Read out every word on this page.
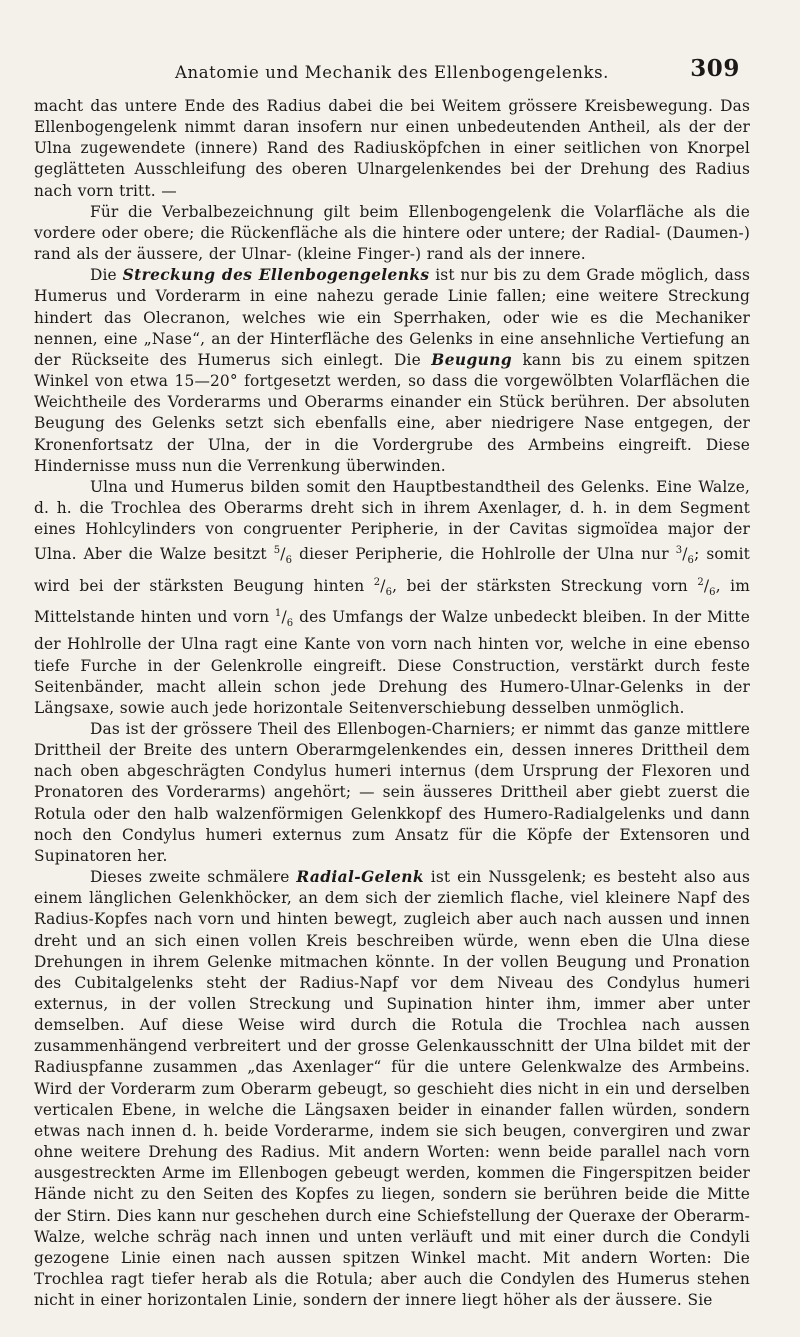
Anatomie und Mechanik des Ellenbogengelenks.	309

macht das untere Ende des Radius dabei die bei Weitem grössere Kreisbewegung. Das Ellenbogengelenk nimmt daran insofern nur einen unbedeutenden Antheil, als der der Ulna zugewendete (innere) Rand des Radiusköpfchen in einer seitlichen von Knorpel geglätteten Ausschleifung des oberen Ulnargelenkendes bei der Drehung des Radius nach vorn tritt. —

Für die Verbalbezeichnung gilt beim Ellenbogengelenk die Volarfläche als die vordere oder obere; die Rückenfläche als die hintere oder untere; der Radial- (Daumen-) rand als der äussere, der Ulnar- (kleine Finger-) rand als der innere.

Die Streckung des Ellenbogengelenks ist nur bis zu dem Grade möglich, dass Humerus und Vorderarm in eine nahezu gerade Linie fallen; eine weitere Streckung hindert das Olecranon, welches wie ein Sperrhaken, oder wie es die Mechaniker nennen, eine „Nase“, an der Hinterfläche des Gelenks in eine ansehnliche Vertiefung an der Rückseite des Humerus sich einlegt. Die Beugung kann bis zu einem spitzen Winkel von etwa 15—20° fortgesetzt werden, so dass die vorgewölbten Volarflächen die Weichtheile des Vorderarms und Oberarms einander ein Stück berühren. Der absoluten Beugung des Gelenks setzt sich ebenfalls eine, aber niedrigere Nase entgegen, der Kronenfortsatz der Ulna, der in die Vordergrube des Armbeins eingreift. Diese Hindernisse muss nun die Verrenkung überwinden.

Ulna und Humerus bilden somit den Hauptbestandtheil des Gelenks. Eine Walze, d. h. die Trochlea des Oberarms dreht sich in ihrem Axenlager, d. h. in dem Segment eines Hohlcylinders von congruenter Peripherie, in der Cavitas sigmoïdea major der Ulna. Aber die Walze besitzt $^5/_6$ dieser Peripherie, die Hohlrolle der Ulna nur $^3/_6$; somit wird bei der stärksten Beugung hinten $^2/_6$, bei der stärksten Streckung vorn $^2/_6$, im Mittelstande hinten und vorn $^1/_6$ des Umfangs der Walze unbedeckt bleiben. In der Mitte der Hohlrolle der Ulna ragt eine Kante von vorn nach hinten vor, welche in eine ebenso tiefe Furche in der Gelenkrolle eingreift. Diese Construction, verstärkt durch feste Seitenbänder, macht allein schon jede Drehung des Humero-Ulnar-Gelenks in der Längsaxe, sowie auch jede horizontale Seitenverschiebung desselben unmöglich.

Das ist der grössere Theil des Ellenbogen-Charniers; er nimmt das ganze mittlere Drittheil der Breite des untern Oberarmgelenkendes ein, dessen inneres Drittheil dem nach oben abgeschrägten Condylus humeri internus (dem Ursprung der Flexoren und Pronatoren des Vorderarms) angehört; — sein äusseres Drittheil aber giebt zuerst die Rotula oder den halb walzenförmigen Gelenkkopf des Humero-Radialgelenks und dann noch den Condylus humeri externus zum Ansatz für die Köpfe der Extensoren und Supinatoren her.

Dieses zweite schmälere Radial-Gelenk ist ein Nussgelenk; es besteht also aus einem länglichen Gelenkhöcker, an dem sich der ziemlich flache, viel kleinere Napf des Radius-Kopfes nach vorn und hinten bewegt, zugleich aber auch nach aussen und innen dreht und an sich einen vollen Kreis beschreiben würde, wenn eben die Ulna diese Drehungen in ihrem Gelenke mitmachen könnte. In der vollen Beugung und Pronation des Cubitalgelenks steht der Radius-Napf vor dem Niveau des Condylus humeri externus, in der vollen Streckung und Supination hinter ihm, immer aber unter demselben. Auf diese Weise wird durch die Rotula die Trochlea nach aussen zusammenhängend verbreitert und der grosse Gelenkausschnitt der Ulna bildet mit der Radiuspfanne zusammen „das Axenlager“ für die untere Gelenkwalze des Armbeins. Wird der Vorderarm zum Oberarm gebeugt, so geschieht dies nicht in ein und derselben verticalen Ebene, in welche die Längsaxen beider in einander fallen würden, sondern etwas nach innen d. h. beide Vorderarme, indem sie sich beugen, convergiren und zwar ohne weitere Drehung des Radius. Mit andern Worten: wenn beide parallel nach vorn ausgestreckten Arme im Ellenbogen gebeugt werden, kommen die Fingerspitzen beider Hände nicht zu den Seiten des Kopfes zu liegen, sondern sie berühren beide die Mitte der Stirn. Dies kann nur geschehen durch eine Schiefstellung der Queraxe der Oberarm-Walze, welche schräg nach innen und unten verläuft und mit einer durch die Condyli gezogene Linie einen nach aussen spitzen Winkel macht. Mit andern Worten: Die Trochlea ragt tiefer herab als die Rotula; aber auch die Condylen des Humerus stehen nicht in einer horizontalen Linie, sondern der innere liegt höher als der äussere. Sie
